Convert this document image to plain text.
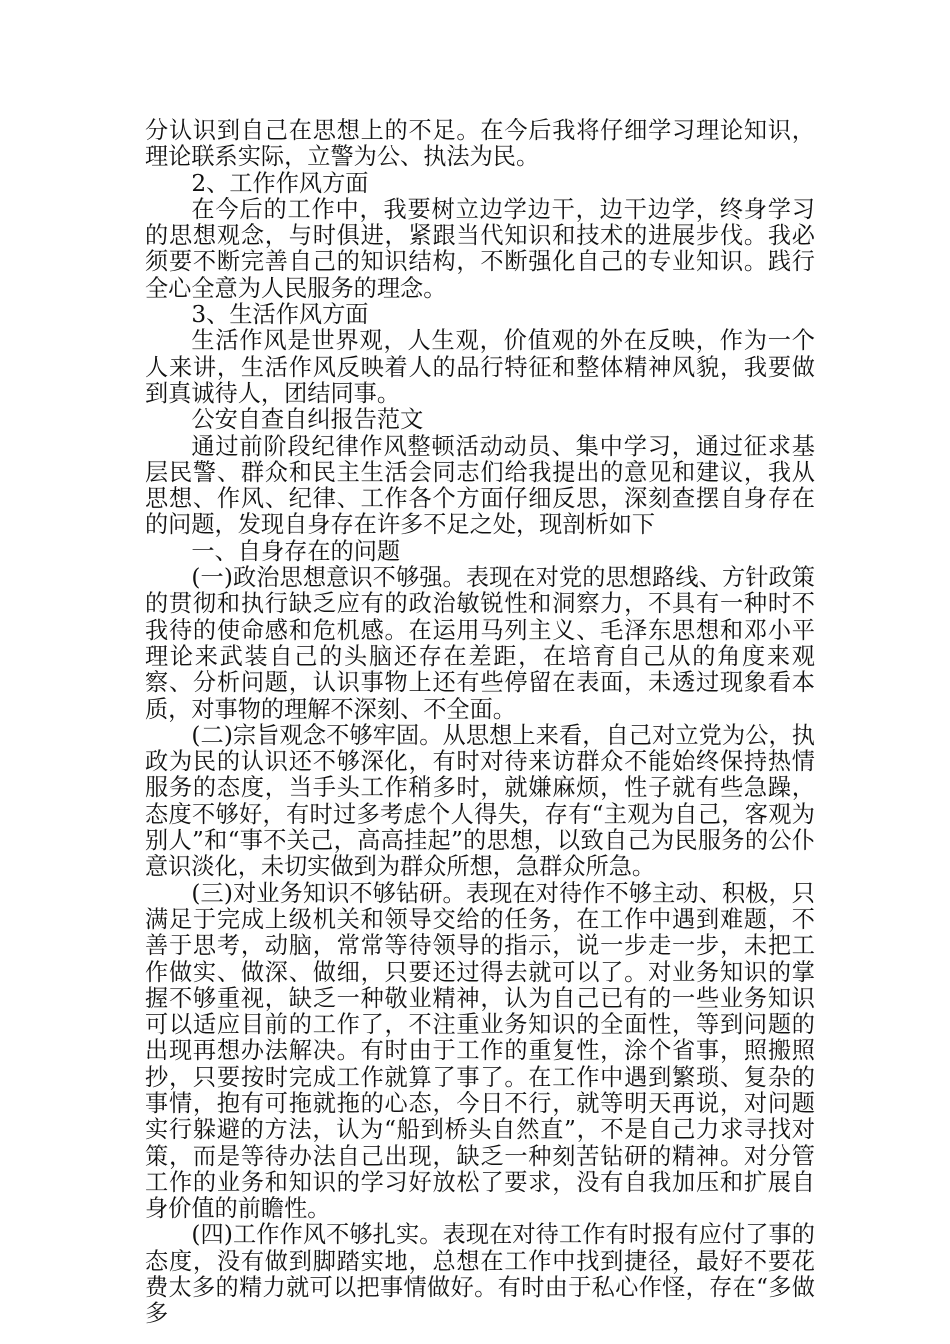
分认识到自己在思想上的不足。在今后我将仔细学习理论知识，理论联系实际，立警为公、执法为民。

2、工作作风方面

在今后的工作中，我要树立边学边干，边干边学，终身学习的思想观念，与时俱进，紧跟当代知识和技术的进展步伐。我必须要不断完善自己的知识结构，不断强化自己的专业知识。践行全心全意为人民服务的理念。

3、生活作风方面

生活作风是世界观，人生观，价值观的外在反映，作为一个人来讲，生活作风反映着人的品行特征和整体精神风貌，我要做到真诚待人，团结同事。

公安自查自纠报告范文

通过前阶段纪律作风整顿活动动员、集中学习，通过征求基层民警、群众和民主生活会同志们给我提出的意见和建议，我从思想、作风、纪律、工作各个方面仔细反思，深刻查摆自身存在的问题，发现自身存在许多不足之处，现剖析如下

一、自身存在的问题

(一)政治思想意识不够强。表现在对党的思想路线、方针政策的贯彻和执行缺乏应有的政治敏锐性和洞察力，不具有一种时不我待的使命感和危机感。在运用马列主义、毛泽东思想和邓小平理论来武装自己的头脑还存在差距，在培育自己从的角度来观察、分析问题，认识事物上还有些停留在表面，未透过现象看本质，对事物的理解不深刻、不全面。

(二)宗旨观念不够牢固。从思想上来看，自己对立党为公，执政为民的认识还不够深化，有时对待来访群众不能始终保持热情服务的态度，当手头工作稍多时，就嫌麻烦，性子就有些急躁，态度不够好，有时过多考虑个人得失，存有“主观为自己，客观为别人”和“事不关己，高高挂起”的思想，以致自己为民服务的公仆意识淡化，未切实做到为群众所想，急群众所急。

(三)对业务知识不够钻研。表现在对待作不够主动、积极，只满足于完成上级机关和领导交给的任务，在工作中遇到难题，不善于思考，动脑，常常等待领导的指示，说一步走一步，未把工作做实、做深、做细，只要还过得去就可以了。对业务知识的掌握不够重视，缺乏一种敬业精神，认为自己已有的一些业务知识可以适应目前的工作了，不注重业务知识的全面性，等到问题的出现再想办法解决。有时由于工作的重复性，涂个省事，照搬照抄，只要按时完成工作就算了事了。在工作中遇到繁琐、复杂的事情，抱有可拖就拖的心态，今日不行，就等明天再说，对问题实行躲避的方法，认为“船到桥头自然直”，不是自己力求寻找对策，而是等待办法自己出现，缺乏一种刻苦钻研的精神。对分管工作的业务和知识的学习好放松了要求，没有自我加压和扩展自身价值的前瞻性。

(四)工作作风不够扎实。表现在对待工作有时报有应付了事的态度，没有做到脚踏实地，总想在工作中找到捷径，最好不要花费太多的精力就可以把事情做好。有时由于私心作怪，存在“多做多
